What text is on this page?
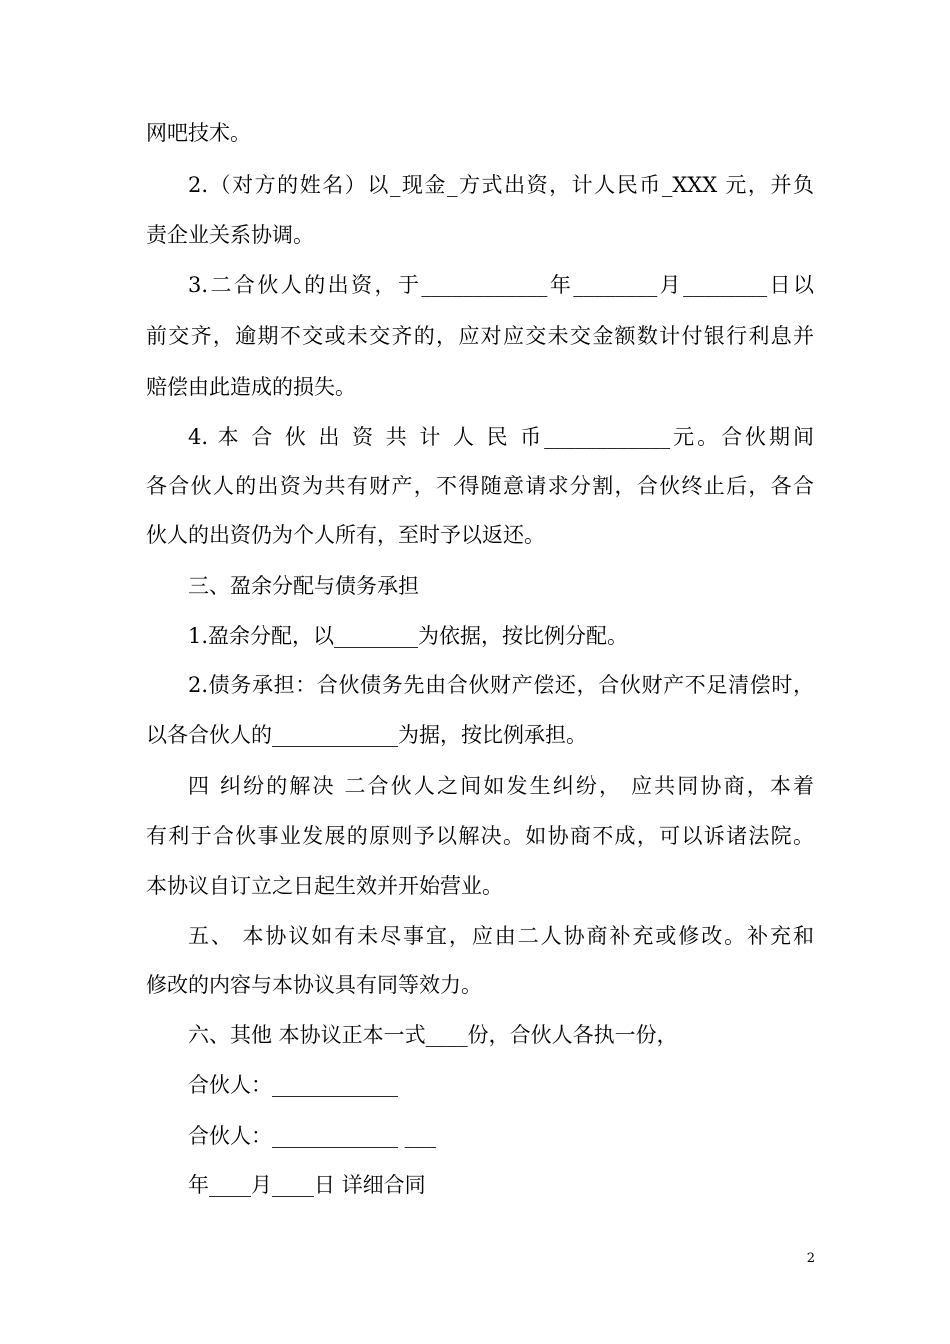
网吧技术。
2.（对方的姓名）以_现金_方式出资，计人民币_XXX 元，并负
责企业关系协调。
3.二合伙人的出资，于____________年________月________日以
前交齐，逾期不交或未交齐的，应对应交未交金额数计付银行利息并
赔偿由此造成的损失。
4. 本 合 伙 出 资 共 计 人 民 币____________元。合伙期间
各合伙人的出资为共有财产，不得随意请求分割，合伙终止后，各合
伙人的出资仍为个人所有，至时予以返还。
三、盈余分配与债务承担
1.盈余分配，以________为依据，按比例分配。
2.债务承担：合伙债务先由合伙财产偿还，合伙财产不足清偿时，
以各合伙人的____________为据，按比例承担。
四 纠纷的解决 二合伙人之间如发生纠纷， 应共同协商，本着
有利于合伙事业发展的原则予以解决。如协商不成，可以诉诸法院。
本协议自订立之日起生效并开始营业。
五、 本协议如有未尽事宜，应由二人协商补充或修改。补充和
修改的内容与本协议具有同等效力。
六、其他 本协议正本一式____份，合伙人各执一份，
合伙人：____________
合伙人：____________ ___
年____月____日 详细合同
2
